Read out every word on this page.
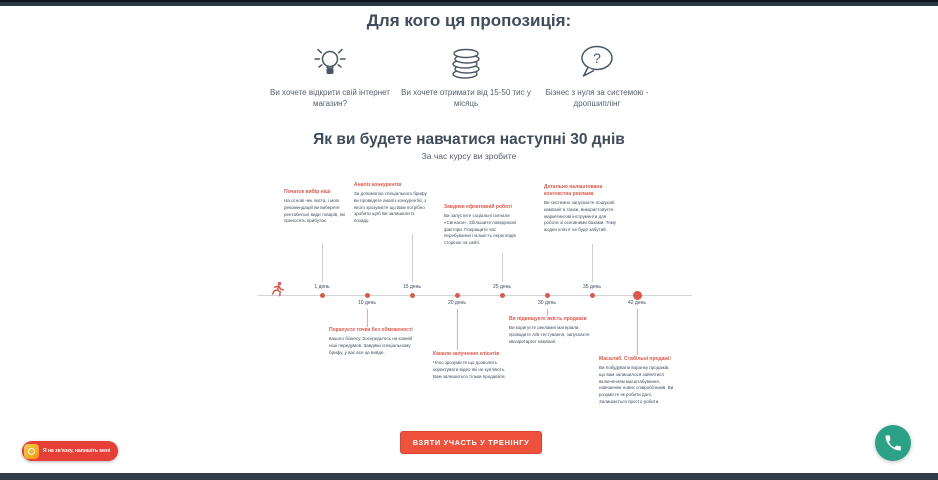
Для кого ця пропозиція:
Ви хочете відкрити свій інтернет магазин?
Ви хочете отримати від 15-50 тис у місяць
?
Бізнес з нуля за системою - дропшиплінг
Як ви будете навчатися наступні 30 днів
За час курсу ви зробите
1 день
10 день
15 день
20 день
25 день
30 день
35 день
42 день
Початок вибір ніші
На основі чек листа, і моїх рекомендацій ви виберете рентабельні види товарів, які приносять прибуток.
Аналіз конкурентів
За допомогою спеціального брифу ви проведете аналіз конкурентів, з якого зрозумієте що Вам потрібно зробити щоб Ви залишили їх позаду.
Завдяки ефективній роботі
Ви запустите соціальні сигнали «Сигнали». Збільшите поведінкові фактори. Покращите час перебування і кількість переглядів сторінок на сайті.
Детально налаштована контекстна реклама
Ви системно запускаєте пошукові кампанії а також, використовуєте маркетингові інструменти для роботи зі основними базами. Тому жоден клієнт не буде забутий.
Порахуєте точки без обмеженості
вашого бізнесу. Зосередьтесь на кожній ніші передумов. Завдяки спеціальному брифу, у вас все це вийде.	Канали залучення клієнтів
Чітко зрозумієте що дозволить коректувати відео які не купляють. Вам залишиться тільки продавати.
Ви підвищуєте якість продажів
Ви коригуєте рекламні матеріали, проводите А/Б-тестування, запускаєте квазіретаргет кампанії.
Масштаб. Стабільні продажі!
Ви побудували воронку продажів, що вам залишилося зайнятися включенням масштабування, навчанням нових співробітників. Ви розумієте як робити далі. Залишається просто робити.
ВЗЯТИ УЧАСТЬ У ТРЕНІНГУ
Я на зв'язку, напишіть мені
